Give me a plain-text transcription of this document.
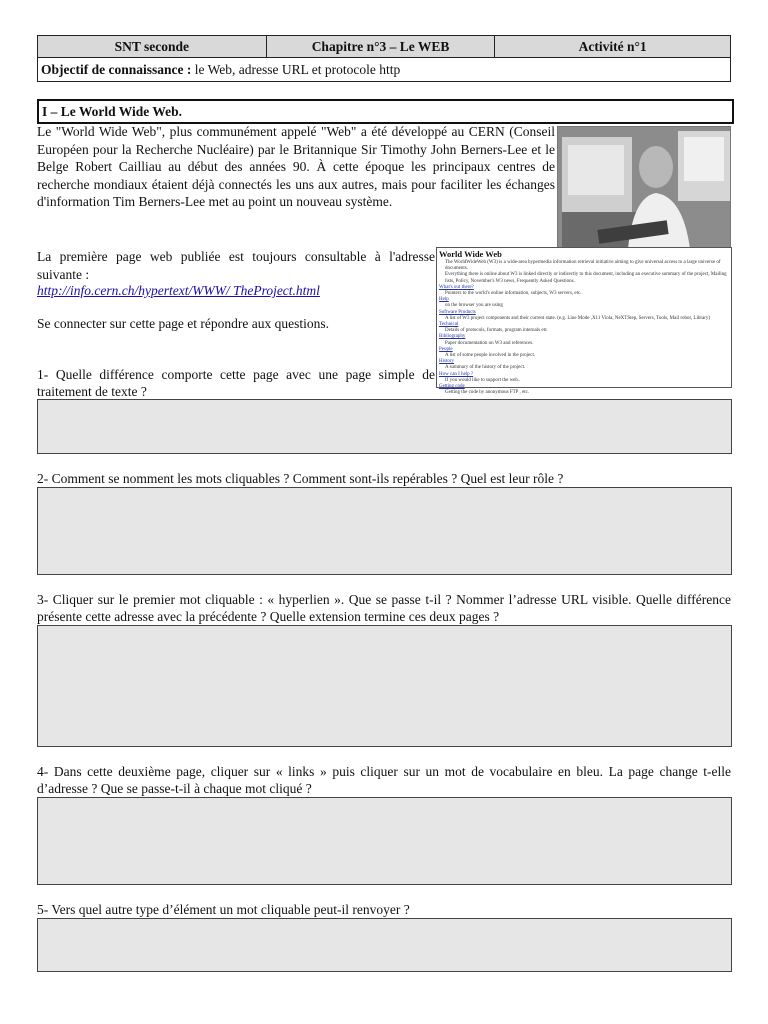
SNT seconde	Chapitre n°3 – Le WEB	Activité n°1
Objectif de connaissance : le Web, adresse URL et protocole http
I – Le World Wide Web.
Le "World Wide Web", plus communément appelé "Web" a été développé au CERN (Conseil Européen pour la Recherche Nucléaire) par le Britannique Sir Timothy John Berners-Lee et le Belge Robert Cailliau au début des années 90. À cette époque les principaux centres de recherche mondiaux étaient déjà connectés les uns aux autres, mais pour faciliter les échanges d'information Tim Berners-Lee met au point un nouveau système.
La première page web publiée est toujours consultable à l'adresse suivante :
http://info.cern.ch/hypertext/WWW/ TheProject.html
World Wide Web
The WorldWideWeb (W3) is a wide-area hypermedia information retrieval initiative aiming to give universal access to a large universe of documents.
Everything there is online about W3 is linked directly or indirectly to this document, including an executive summary of the project, Mailing lists, Policy, November's W3 news, Frequently Asked Questions.
What's out there?
Pointers to the world's online information, subjects, W3 servers, etc.
Help
on the browser you are using
Software Products
A list of W3 project components and their current state. (e.g. Line Mode ,X11 Viola, NeXTStep, Servers, Tools, Mail robot, Library)
Technical
Details of protocols, formats, program internals etc
Bibliography
Paper documentation on W3 and references.
People
A list of some people involved in the project.
History
A summary of the history of the project.
How can I help ?
If you would like to support the web..
Getting code
Getting the code by anonymous FTP , etc.
Se connecter sur cette page et répondre aux questions.
1- Quelle différence comporte cette page avec une page simple de traitement de texte ?
2- Comment se nomment les mots cliquables ? Comment sont-ils repérables ? Quel est leur rôle ?
3- Cliquer sur le premier mot cliquable : « hyperlien ». Que se passe t-il ? Nommer l’adresse URL visible. Quelle différence présente cette adresse avec la précédente ? Quelle extension termine ces deux pages ?
4- Dans cette deuxième page, cliquer sur « links » puis cliquer sur un mot de vocabulaire en bleu. La page change t-elle d’adresse ? Que se passe-t-il à chaque mot cliqué ?
5- Vers quel autre type d’élément un mot cliquable peut-il renvoyer ?
